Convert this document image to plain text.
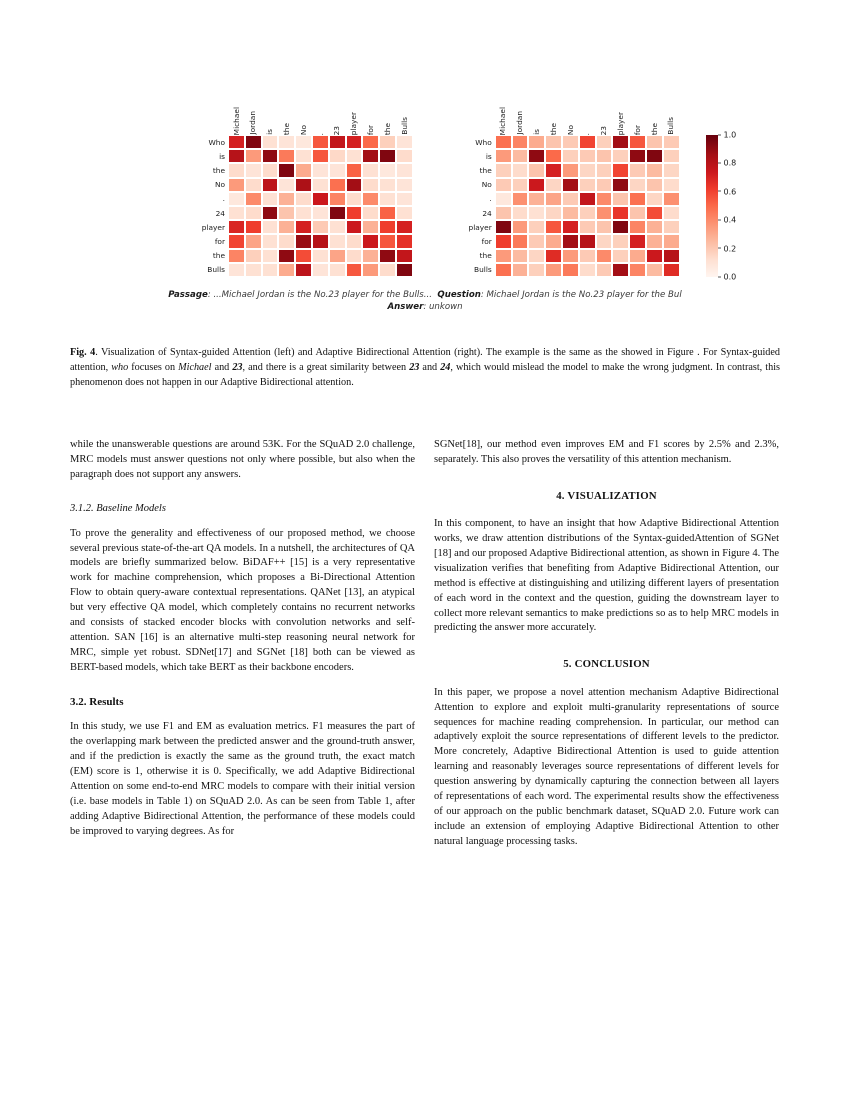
Michael Jordan is the No . 23 player for the Bulls
Who
is
the
No
.
24
player
for
the
Bulls
Michael Jordan is the No . 23 player for the Bulls
Who
is
the
No
.
24
player
for
the
Bulls
1.0
0.8
0.6
0.4
0.2
0.0
Passage: ...Michael Jordan is the No.23 player for the Bulls... Question: Michael Jordan is the No.23 player for the Bul
Answer: unkown
Fig. 4. Visualization of Syntax-guided Attention (left) and Adaptive Bidirectional Attention (right). The example is the same as the showed in Figure . For Syntax-guided attention, who focuses on Michael and 23, and there is a great similarity between 23 and 24, which would mislead the model to make the wrong judgment. In contrast, this phenomenon does not happen in our Adaptive Bidirectional attention.

while the unanswerable questions are around 53K. For the SQuAD 2.0 challenge, MRC models must answer questions not only where possible, but also when the paragraph does not support any answers.

3.1.2. Baseline Models

To prove the generality and effectiveness of our proposed method, we choose several previous state-of-the-art QA models. In a nutshell, the architectures of QA models are briefly summarized below. BiDAF++ [15] is a very representative work for machine comprehension, which proposes a Bi-Directional Attention Flow to obtain query-aware contextual representations. QANet [13], an atypical but very effective QA model, which completely contains no recurrent networks and consists of stacked encoder blocks with convolution networks and self-attention. SAN [16] is an alternative multi-step reasoning neural network for MRC, simple yet robust. SDNet[17] and SGNet [18] both can be viewed as BERT-based models, which take BERT as their backbone encoders.

3.2. Results

In this study, we use F1 and EM as evaluation metrics. F1 measures the part of the overlapping mark between the predicted answer and the ground-truth answer, and if the prediction is exactly the same as the ground truth, the exact match (EM) score is 1, otherwise it is 0. Specifically, we add Adaptive Bidirectional Attention on some end-to-end MRC models to compare with their initial version (i.e. base models in Table 1) on SQuAD 2.0. As can be seen from Table 1, after adding Adaptive Bidirectional Attention, the performance of these models could be improved to varying degrees. As for

SGNet[18], our method even improves EM and F1 scores by 2.5% and 2.3%, separately. This also proves the versatility of this attention mechanism.

4. VISUALIZATION

In this component, to have an insight that how Adaptive Bidirectional Attention works, we draw attention distributions of the Syntax-guidedAttention of SGNet [18] and our proposed Adaptive Bidirectional attention, as shown in Figure 4. The visualization verifies that benefiting from Adaptive Bidirectional Attention, our method is effective at distinguishing and utilizing different layers of presentation of each word in the context and the question, guiding the downstream layer to collect more relevant semantics to make predictions so as to help MRC models in predicting the answer more accurately.

5. CONCLUSION

In this paper, we propose a novel attention mechanism Adaptive Bidirectional Attention to explore and exploit multi-granularity representations of source sequences for machine reading comprehension. In particular, our method can adaptively exploit the source representations of different levels to the predictor. More concretely, Adaptive Bidirectional Attention is used to guide attention learning and reasonably leverages source representations of different levels for question answering by dynamically capturing the connection between all layers of representations of each word. The experimental results show the effectiveness of our approach on the public benchmark dataset, SQuAD 2.0. Future work can include an extension of employing Adaptive Bidirectional Attention to other natural language processing tasks.
